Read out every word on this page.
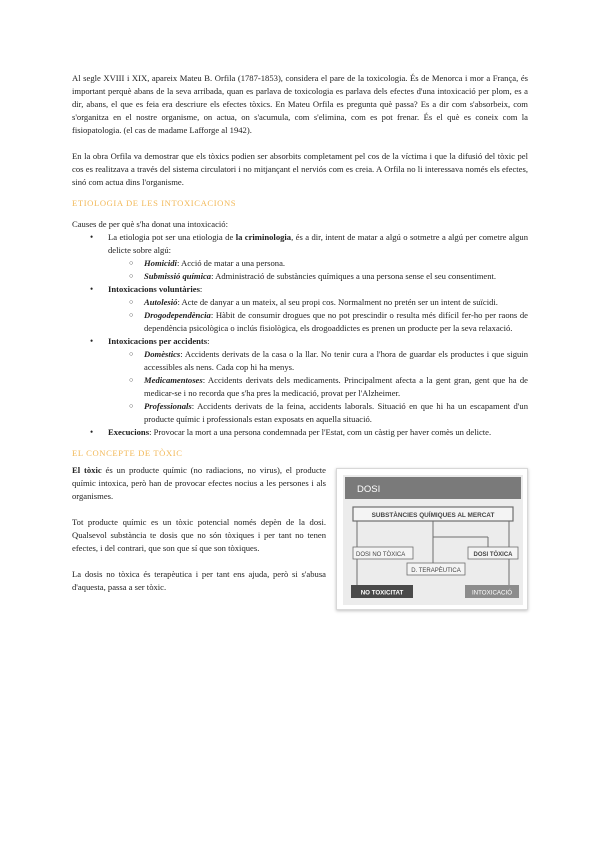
Al segle XVIII i XIX, apareix Mateu B. Orfila (1787-1853), considera el pare de la toxicologia. És de Menorca i mor a França, és important perquè abans de la seva arribada, quan es parlava de toxicologia es parlava dels efectes d'una intoxicació per plom, es a dir, abans, el que es feia era descriure els efectes tòxics. En Mateu Orfila es pregunta què passa? Es a dir com s'absorbeix, com s'organitza en el nostre organisme, on actua, on s'acumula, com s'elimina, com es pot frenar. És el què es coneix com la fisiopatologia. (el cas de madame Lafforge al 1942).

En la obra Orfila va demostrar que els tòxics podien ser absorbits completament pel cos de la víctima i que la difusió del tòxic pel cos es realitzava a través del sistema circulatori i no mitjançant el nerviós com es creia. A Orfila no li interessava només els efectes, sinó com actua dins l'organisme.

ETIOLOGIA DE LES INTOXICACIONS

Causes de per què s'ha donat una intoxicació:

• La etiologia pot ser una etiologia de la criminologia, és a dir, intent de matar a algú o sotmetre a algú per cometre algun delicte sobre algú:
○ Homicidi: Acció de matar a una persona.
○ Submissió química: Administració de substàncies químiques a una persona sense el seu consentiment.
• Intoxicacions voluntàries:
○ Autolesió: Acte de danyar a un mateix, al seu propi cos. Normalment no pretén ser un intent de suïcidi.
○ Drogodependència: Hàbit de consumir drogues que no pot prescindir o resulta més difícil fer-ho per raons de dependència psicològica o inclús fisiològica, els drogoaddictes es prenen un producte per la seva relaxació.
• Intoxicacions per accidents:
○ Domèstics: Accidents derivats de la casa o la llar. No tenir cura a l'hora de guardar els productes i que siguin accessibles als nens. Cada cop hi ha menys.
○ Medicamentoses: Accidents derivats dels medicaments. Principalment afecta a la gent gran, gent que ha de medicar-se i no recorda que s'ha pres la medicació, provat per l'Alzheimer.
○ Professionals: Accidents derivats de la feina, accidents laborals. Situació en que hi ha un escapament d'un producte químic i professionals estan exposats en aquella situació.
• Execucions: Provocar la mort a una persona condemnada per l'Estat, com un càstig per haver comès un delicte.
EL CONCEPTE DE TÒXIC

El tòxic és un producte químic (no radiacions, no virus), el producte químic intoxica, però han de provocar efectes nocius a les persones i als organismes.

Tot producte químic es un tòxic potencial només depèn de la dosi. Qualsevol substància te dosis que no són tòxiques i per tant no tenen efectes, i del contrari, que son que sí que son tòxiques.

La dosis no tòxica és terapèutica i per tant ens ajuda, però si s'abusa d'aquesta, passa a ser tòxic.

DOSI
SUBSTÀNCIES QUÍMIQUES AL MERCAT
DOSI NO TÒXICA	DOSI TÒXICA
D. TERAPÈUTICA
NO TOXICITAT	INTOXICACIÓ
